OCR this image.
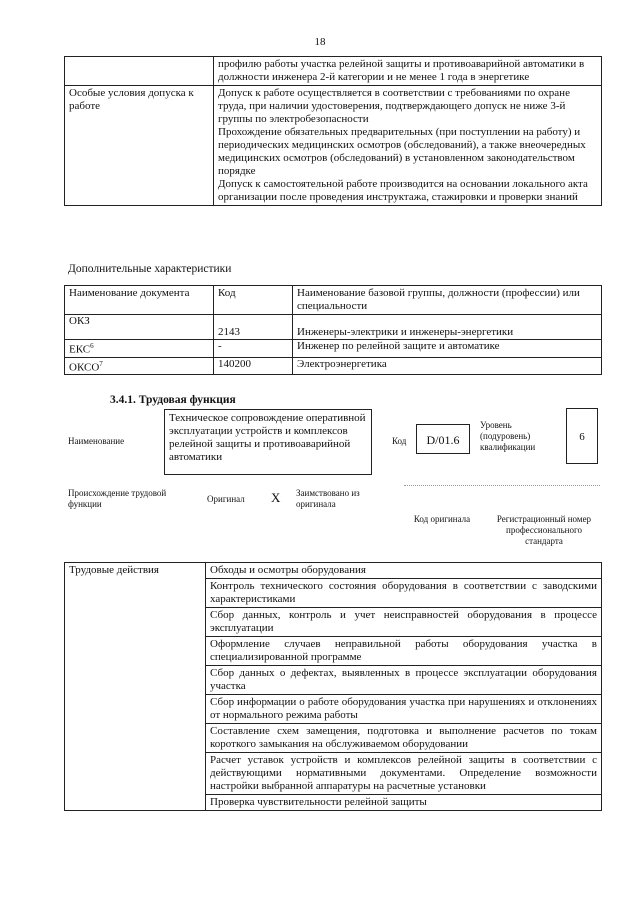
18

	профилю работы участка релейной защиты и противоаварийной автоматики в должности инженера 2-й категории и не менее 1 года в энергетике

Особые условия допуска к работе	Допуск к работе осуществляется в соответствии с требованиями по охране труда, при наличии удостоверения, подтверждающего допуск не ниже 3-й группы по электробезопасности

Прохождение обязательных предварительных (при поступлении на работу) и периодических медицинских осмотров (обследований), а также внеочередных медицинских осмотров (обследований) в установленном законодательством порядке

Допуск к самостоятельной работе производится на основании локального акта организации после проведения инструктажа, стажировки и проверки знаний

Дополнительные характеристики
Наименование документа	Код	Наименование базовой группы, должности (профессии) или специальности
ОКЗ	2143	Инженеры-электрики и инженеры-энергетики
ЕКС$^6$	-	Инженер по релейной защите и автоматике
ОКСО$^7$	140200	Электроэнергетика
3.4.1. Трудовая функция
Наименование
Техническое сопровождение оперативной эксплуатации устройств и комплексов релейной защиты и противоаварийной автоматики
Код	D/01.6
Уровень (подуровень) квалификации
6
Происхождение трудовой функции	Оригинал X Заимствовано из оригинала
Код оригинала	Регистрационный номер профессионального стандарта
Трудовые действия	Обходы и осмотры оборудования
Контроль технического состояния оборудования в соответствии с заводскими характеристиками
Сбор данных, контроль и учет неисправностей оборудования в процессе эксплуатации
Оформление случаев неправильной работы оборудования участка в специализированной программе
Сбор данных о дефектах, выявленных в процессе эксплуатации оборудования участка
Сбор информации о работе оборудования участка при нарушениях и отклонениях от нормального режима работы
Составление схем замещения, подготовка и выполнение расчетов по токам короткого замыкания на обслуживаемом оборудовании
Расчет уставок устройств и комплексов релейной защиты в соответствии с действующими нормативными документами. Определение возможности настройки выбранной аппаратуры на расчетные установки
Проверка чувствительности релейной защиты
